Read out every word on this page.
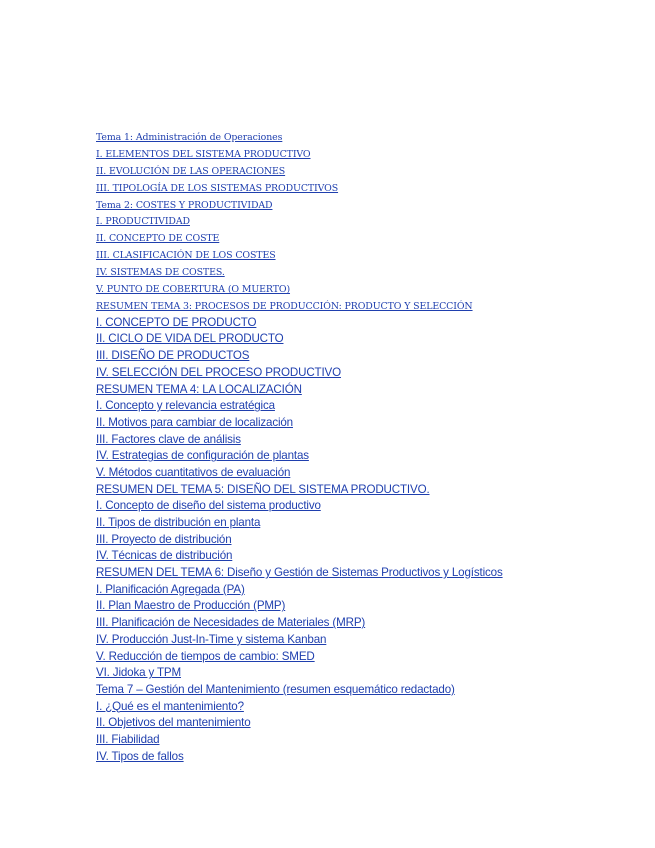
Tema 1: Administración de Operaciones
I. ELEMENTOS DEL SISTEMA PRODUCTIVO
II. EVOLUCIÓN DE LAS OPERACIONES
III. TIPOLOGÍA DE LOS SISTEMAS PRODUCTIVOS
Tema 2: COSTES Y PRODUCTIVIDAD
I. PRODUCTIVIDAD
II. CONCEPTO DE COSTE
III. CLASIFICACIÓN DE LOS COSTES
IV. SISTEMAS DE COSTES.
V. PUNTO DE COBERTURA (O MUERTO)
RESUMEN TEMA 3: PROCESOS DE PRODUCCIÓN: PRODUCTO Y SELECCIÓN
I. CONCEPTO DE PRODUCTO
II. CICLO DE VIDA DEL PRODUCTO
III. DISEÑO DE PRODUCTOS
IV. SELECCIÓN DEL PROCESO PRODUCTIVO
RESUMEN TEMA 4: LA LOCALIZACIÓN
I. Concepto y relevancia estratégica
II. Motivos para cambiar de localización
III. Factores clave de análisis
IV. Estrategias de configuración de plantas
V. Métodos cuantitativos de evaluación
RESUMEN DEL TEMA 5: DISEÑO DEL SISTEMA PRODUCTIVO.
I. Concepto de diseño del sistema productivo
II. Tipos de distribución en planta
III. Proyecto de distribución
IV. Técnicas de distribución
RESUMEN DEL TEMA 6: Diseño y Gestión de Sistemas Productivos y Logísticos
I. Planificación Agregada (PA)
II. Plan Maestro de Producción (PMP)
III. Planificación de Necesidades de Materiales (MRP)
IV. Producción Just-In-Time y sistema Kanban
V. Reducción de tiempos de cambio: SMED
VI. Jidoka y TPM
Tema 7 – Gestión del Mantenimiento (resumen esquemático redactado)
I. ¿Qué es el mantenimiento?
II. Objetivos del mantenimiento
III. Fiabilidad
IV. Tipos de fallos
